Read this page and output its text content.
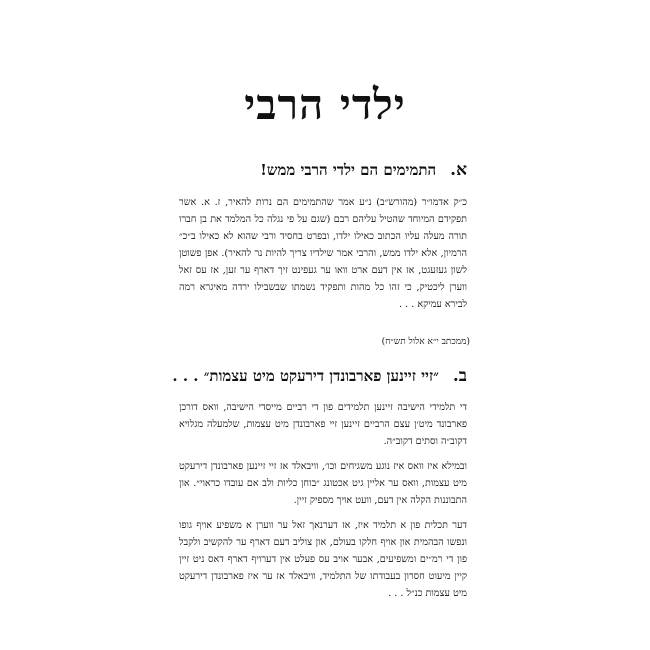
ילדי הרבי
א.התמימים הם ילדי הרבי ממש!

כ״ק אדמו״ר (מהורש״ב) נ״ע אמר שהתמימים הם נרות להאיר, ז. א. אשר תפקידם המיוחד שהטיל עליהם רבם (שגם על פי נגלה כל המלמד את בן חברו תורה מעלה עליו הכתוב כאילו ילדו, ובפרט בחסיד ורבי שהוא לא כאילו ב״כ״ הרמיון, אלא ילדו ממש, והרבי אמר שילדיו צריך להיות נר להאיר). אפן פשוטן לשון געזעגט, אז אין דעם ארט וואו ער געפינט זיך דארף ער זען, אז עס זאל ווערן ליכטיק, כי זהו כל מהות ותפקיד נשמתו שבשבילו ירדה מאיגרא רמה לבירא עמיקא . . .

(ממכתב י״א אלול תש״ח)
ב.״זיי זיינען פארבונדן דירעקט מיט עצמות״ . . .

די תלמידי הישיבה זיינען תלמידים פון די רביים מייסדי הישיבה, וואס דורכן פארבונד מיט׳ן עצם הרביים זיינען זיי פארבונדן מיט עצמות, שלמעלה מגלויא דקוב״ה וסתים דקוב״ה.

ובמילא איז וואס איז נוגע משגיחים וכו׳, וויבאלד אז זיי זיינען פארבונדן דירעקט מיט עצמות, וואס ער אליין גיט אכטונג ״בוחן כליות ולב אם עובדו כראוי״. און התבוננות הקלה אין דעם, וועט אויך מספיק זיין.

דער תכלית פון א תלמיד איז, אז דערנאך זאל ער ווערן א משפיע אויף גופו ונפשו הבהמית און אויף חלקו בעולם, און צוליב דעם דארף ער להקשיב ולקבל פון די רמ״ים ומשפיעים, אבער אויב עס פעלט אין דערויף דארף דאס ניט זיין קיין מיעוט חסרון בעבודתו של התלמיד, וויבאלד אז ער איז פארבונדן דירעקט מיט עצמות כנ״ל . . .
